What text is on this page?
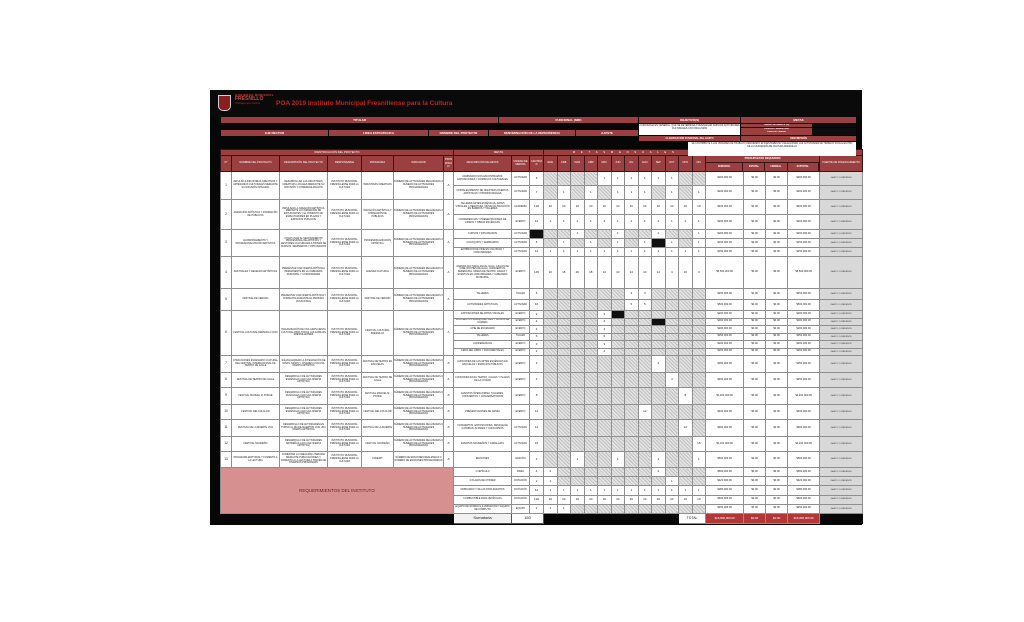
GOBIERNO MUNICIPAL
FRESNILLO
Trabajemos Juntos	POA 2019 Instituto Municipal Fresnillense para la Cultura
TITULAR	FUNCIONAL (MIR)	OBJETIVO(S)	METAS
EJE RECTOR	LINEA ESTRATEGICA	NOMBRE DEL PROYECTO	DENOMINACIÓN DE LA DEPENDENCIA	AJUSTE
CIUDADANÍA EN GENERAL, QUE SE DETERMINA A DESPLEGAR AMPLIAS ACTIVIDADES CULTURALES CON INCLUSIÓN
GRADO DE AVANCE (%)
PERIODO: SEMESTRAL
PERIODO: ANUAL
CLASIFICACIÓN FUNCIONAL DEL GASTO	DESCRIPCIÓN
IDENTIFICACIÓN DEL PROYECTO							METAS			M E T A S M E N S U A L E S																
N°	NOMBRE DEL PROYECTO	DESCRIPCIÓN DEL PROYECTO	RESPONSABLE	PROGRAMA	INDICADOR	PRIORIDAD	DESCRIPCIÓN DE METAS	UNIDAD DE MEDIDA	CANTIDAD	ENE	FEB	MAR	ABR	MAY	JUN	JUL	AGO	SEP	OCT	NOV	DIC	PRESUPUESTO REQUERIDO
MUNICIPAL ESTATAL FEDERAL SUBTOTAL				FUENTE DE FINANCIAMIENTO
1	IMPULSO A INDUSTRIAS CREATIVAS Y ARTESANÍAS CULTURALES MEDIANTE SU DIFUSIÓN INTEGRAL	DESARROLLAR LAS INDUSTRIAS CREATIVAS LOCALES MEDIANTE SU DIFUSIÓN Y COMERCIALIZACIÓN	INSTITUTO MUNICIPAL FRESNILLENSE PARA LA CULTURA	INDUSTRIAS CREATIVAS	NÚMERO DE ACTIVIDADES REALIZADAS X NÚMERO DE ACTIVIDADES PROGRAMADAS	A	CAMINANDO NOS ENCONTRAMOS: EXPOSICIONES Y DOMINGOS CULTURALES	ACTIVIDAD	6					1	1	1	1	1	1			$300,000.00	$0.00	$0.00	$300,000.00	GASTO CORRIENTE
							FORTALECIMIENTO DE NUESTRAS OFERTAS ARTÍSTICAS Y PROMOCIONALES	ACTIVIDAD	7		1		1		1	1	1		1		1	$200,000.00	$0.00	$0.00	$200,000.00	GASTO CORRIENTE
2	ANIMACIÓN ARTÍSTICA Y FORMACIÓN DE PÚBLICOS	IMPULSAR LA CREACIÓN ARTÍSTICA MEDIANTE LA FORMACIÓN DE ESTUDIANTES Y EL FOMENTO DE ESPECTADORES EN PLAZAS Y ESPACIOS PÚBLICOS	INSTITUTO MUNICIPAL FRESNILLENSE PARA LA CULTURA	INICIACIÓN ARTÍSTICA Y FORMACIÓN DE PÚBLICOS	NÚMERO DE ACTIVIDADES REALIZADAS X NÚMERO DE ACTIVIDADES PROGRAMADAS	A	TALLERES ARTES ESCÉNICAS, ARTES VISUALES, LITERATURA, MÚSICA E INICIACIÓN EN BARRIOS Y TALLERES	ACADEMIA	120	10	10	10	10	10	10	10	10	10	10	10	10	$400,000.00	$0.00	$0.00	$400,000.00	GASTO CORRIENTE
							CONFERENCIAS Y PRESENTACIONES DE LIBROS Y OBRAS ESCÉNICAS	EVENTO	12	1	1	1	1	1	1	1	1	1	1	1	1	$200,000.00	$0.00	$0.00	$200,000.00	GASTO CORRIENTE
3	ACOMPAÑAMIENTO Y PROFESIONALIZACIÓN ARTÍSTICA	COADYUVAR AL MEJORAMIENTO PROFESIONAL DE ARTISTAS Y GESTORES CULTURALES A TRAVÉS DE CURSOS, SEMINARIOS Y DIPLOMADOS	INSTITUTO MUNICIPAL FRESNILLENSE PARA LA CULTURA	PROFESIONALIZACIÓN ARTÍSTICA	NÚMERO DE ACTIVIDADES REALIZADAS X NÚMERO DE ACTIVIDADES PROGRAMADAS	A	CURSOS Y DIPLOMADOS	ACTIVIDAD				1			1			1			1	$200,000.00	$0.00	$0.00	$200,000.00	GASTO CORRIENTE
							COLOQUIOS Y SEMINARIOS	ACTIVIDAD	6		1		1		1		1		1		1	$150,000.00	$0.00	$0.00	$150,000.00	GASTO CORRIENTE
							EXHIBICIÓN DE CINE EN COLONIAS Y COMUNIDADES	ACTIVIDAD	12	1	1	1	1	1	1	1	1	1	1	1	1	$150,000.00	$0.00	$0.00	$150,000.00	GASTO CORRIENTE
4	FESTIVALES Y DECENAS ARTÍSTICAS	PRESENTAR UNA OFERTA ARTÍSTICA PERMANENTE EN LA CABECERA MUNICIPAL Y COMUNIDADES	INSTITUTO MUNICIPAL FRESNILLENSE PARA LA CULTURA	AGENDA CULTURAL	NÚMERO DE ACTIVIDADES REALIZADAS X NÚMERO DE ACTIVIDADES PROGRAMADAS	A	AGENDA CULTURAL ANUAL GALA: CICLOS DE CINE, NOCHES DE GALA, CONCIERTOS, SERENATAS, OBRAS DE TEATRO, DANZA Y EVENTOS EN COMUNIDADES Y CABECERA MUNICIPAL	EVENTO	145	10	18	20	18	14	10	14	10	14	4	10	3	$5,500,000.00	$0.00	$0.00	$5,500,000.00	GASTO CORRIENTE
5	FESTIVAL DE VERANO	PRESENTAR UNA OFERTA ARTÍSTICA Y FORMATIVA DURANTE EL PERIODO VACACIONAL	INSTITUTO MUNICIPAL FRESNILLENSE PARA LA CULTURA	FESTIVAL DE VERANO	NÚMERO DE ACTIVIDADES REALIZADAS X NÚMERO DE ACTIVIDADES PROGRAMADAS	A	TALLERES	TALLER	6							3	3					$450,000.00	$0.00	$0.00	$450,000.00	GASTO CORRIENTE
							ACTIVIDADES ARTÍSTICAS	ACTIVIDAD	10							5	5					$500,000.00	$0.00	$0.00	$500,000.00	GASTO CORRIENTE
6	FESTIVAL CULTURAL FRESNILLO 2019	ORGANIZACIÓN DE UNA GRAN FIESTA CULTURAL PARA TODAS LAS FAMILIAS FRESNILLENSES	INSTITUTO MUNICIPAL FRESNILLENSE PARA LA CULTURA	FESTIVAL CULTURAL FRESNILLO	NÚMERO DE ACTIVIDADES REALIZADAS X NÚMERO DE ACTIVIDADES PROGRAMADAS	A	EXPOSICIONES DE ARTES VISUALES	EVENTO	2					2								$200,000.00	$0.00	$0.00	$200,000.00	GASTO CORRIENTE
							CONCIERTOS JUEVES DEL JAZZ Y MÚSICA DE CÁMARA	EVENTO	4					4								$300,000.00	$0.00	$0.00	$300,000.00	GASTO CORRIENTE
							A PIE DE ESCENARIO	EVENTO	4					4								$200,000.00	$0.00	$0.00	$200,000.00	GASTO CORRIENTE
							TALLERES	TALLER	6					6								$250,000.00	$0.00	$0.00	$250,000.00	GASTO CORRIENTE
							CONFERENCIAS	EVENTO	3					3								$200,000.00	$0.00	$0.00	$200,000.00	GASTO CORRIENTE
							FERIA DEL LIBRO Y DOCUMENTALES	EVENTO	2					2								$200,000.00	$0.00	$0.00	$200,000.00	GASTO CORRIENTE
7	ATRACCIONES ESCENARIO CULTURAL DEL FESTIVAL INTERNACIONAL DE TEATRO DE CALLE	SALVAGUARDAR LA INTEGRACIÓN DE NIÑAS, NIÑOS Y JÓVENES CON UNA OFERTA ARTÍSTICA	INSTITUTO MUNICIPAL FRESNILLENSE PARA LA CULTURA	FESTIVAL DE TEATRO EN ESCUELAS	NÚMERO DE ACTIVIDADES REALIZADAS X NÚMERO DE ACTIVIDADES PROGRAMADAS	A	FUNCIONES DE LAS ARTES ESCÉNICAS EN ESCUELAS Y ESPACIOS PÚBLICOS	EVENTO	2									2				$350,000.00	$0.00	$0.00	$350,000.00	GASTO CORRIENTE
8	FESTIVAL DE TEATRO DE CALLE	DESARROLLO DE ACTIVIDADES ESCÉNICAS CON UNA OFERTA ARTÍSTICA	INSTITUTO MUNICIPAL FRESNILLENSE PARA LA CULTURA	FESTIVAL DE TEATRO DE CALLE	NÚMERO DE ACTIVIDADES REALIZADAS X NÚMERO DE ACTIVIDADES PROGRAMADAS	A	FUNCIONES EN EL TEATRO, CALLES Y PLAZAS DE LA CIUDAD	EVENTO	4										4			$450,000.00	$0.00	$0.00	$450,000.00	GASTO CORRIENTE
9	FESTIVAL MANUEL M. PONCE	DESARROLLO DE ACTIVIDADES MUSICALES CON UNA OFERTA ARTÍSTICA	INSTITUTO MUNICIPAL FRESNILLENSE PARA LA CULTURA	FESTIVAL MANUEL M. PONCE	NÚMERO DE ACTIVIDADES REALIZADAS X NÚMERO DE ACTIVIDADES PROGRAMADAS	A	EVENTOS ÓPERA PRIMA, TALLERES, CONCIERTOS Y CONVERSATORIOS	EVENTO	8											8		$1,200,000.00	$0.00	$0.00	$1,200,000.00	GASTO CORRIENTE
10	FESTIVAL DEL FOLCLOR	DESARROLLO DE ACTIVIDADES ESCÉNICAS CON UNA OFERTA ARTÍSTICA	INSTITUTO MUNICIPAL FRESNILLENSE PARA LA CULTURA	FESTIVAL DEL FOLCLOR	NÚMERO DE ACTIVIDADES REALIZADAS X NÚMERO DE ACTIVIDADES PROGRAMADAS	A	PRESENTACIONES DE DANZA	EVENTO	12								12					$400,000.00	$0.00	$0.00	$400,000.00	GASTO CORRIENTE
11	FESTIVAL DE LA MUERTE VIVA	DESARROLLO DE ACTIVIDADES EN TORNO AL DÍA DE MUERTOS CON UNA OFERTA ARTÍSTICA	INSTITUTO MUNICIPAL FRESNILLENSE PARA LA CULTURA	FESTIVAL DE LA MUERTE	NÚMERO DE ACTIVIDADES REALIZADAS X NÚMERO DE ACTIVIDADES PROGRAMADAS	A	CONCIERTOS, EXPOSICIONES, DESFILE DE CATRINAS, ALTARES Y CONCURSOS	ACTIVIDAD	12											12		$900,000.00	$0.00	$0.00	$900,000.00	GASTO CORRIENTE
12	FESTIVAL NAVIDEÑO	DESARROLLO DE ACTIVIDADES NAVIDEÑAS CON UNA OFERTA ARTÍSTICA	INSTITUTO MUNICIPAL FRESNILLENSE PARA LA CULTURA	FESTIVAL NAVIDEÑO	NÚMERO DE ACTIVIDADES REALIZADAS X NÚMERO DE ACTIVIDADES PROGRAMADAS	A	EVENTOS NAVIDEÑOS Y CABALGATA	ACTIVIDAD	16												16	$1,100,000.00	$0.00	$0.00	$1,100,000.00	GASTO CORRIENTE
13	PROGRAMA EDITORIAL Y FOMENTO A LA LECTURA	FOMENTAR LA CREACIÓN LITERARIA MEDIANTE PUBLICACIONES Y FOMENTO A LA LECTURA A TRAVÉS DE DIVERSOS PROGRAMAS	INSTITUTO MUNICIPAL FRESNILLENSE PARA LA CULTURA	FONEDIT	NÚMERO DE EDICIONES REALIZADAS X NÚMERO DE EDICIONES PROGRAMADAS	A	EDICIONES	EDICIÓN	4			1			1			1			1	$500,000.00	$0.00	$0.00	$500,000.00	GASTO CORRIENTE
REQUERIMIENTOS DEL INSTITUTO							1 VEHÍCULO	PIEZA	4	2								2				$650,000.00	$0.00	$0.00	$650,000.00	GASTO CORRIENTE
							2 PLAZAS DE CHOFER	DOTACIÓN	2	1									1			$420,000.00	$0.00	$0.00	$420,000.00	GASTO CORRIENTE
							MOBILIARIO Y SILLAS PARA EVENTOS	DOTACIÓN	12	1	1	1	1	1	1	1	1	1	1	1	1	$380,000.00	$0.00	$0.00	$380,000.00	GASTO CORRIENTE
							COMBUSTIBLE PARA VEHÍCULOS	DOTACIÓN	120	10	10	10	10	10	10	10	10	10	10	10	10	$600,000.00	$0.00	$0.00	$600,000.00	GASTO CORRIENTE
							EQUIPO DE SONIDO E ILUMINACIÓN Y EQUIPO DE CÓMPUTO	EQUIPO	2	1	1											$450,000.00	$0.00	$0.00	$450,000.00	GASTO CORRIENTE
							Sumatoria	150												TOTAL		$16,800,000.00	$0.00	$0.00	$16,800,000.00	
SE CONTRIBUYE A LAS UNIDADES DE TRABAJO ATENDIENDO EFICIENTEMENTE Y REALIZANDO LAS ACTIVIDADES DE TRABAJO SOCIAL EN PRO DE LA CIUDADANÍA DE CULTURA FRESNILLO
